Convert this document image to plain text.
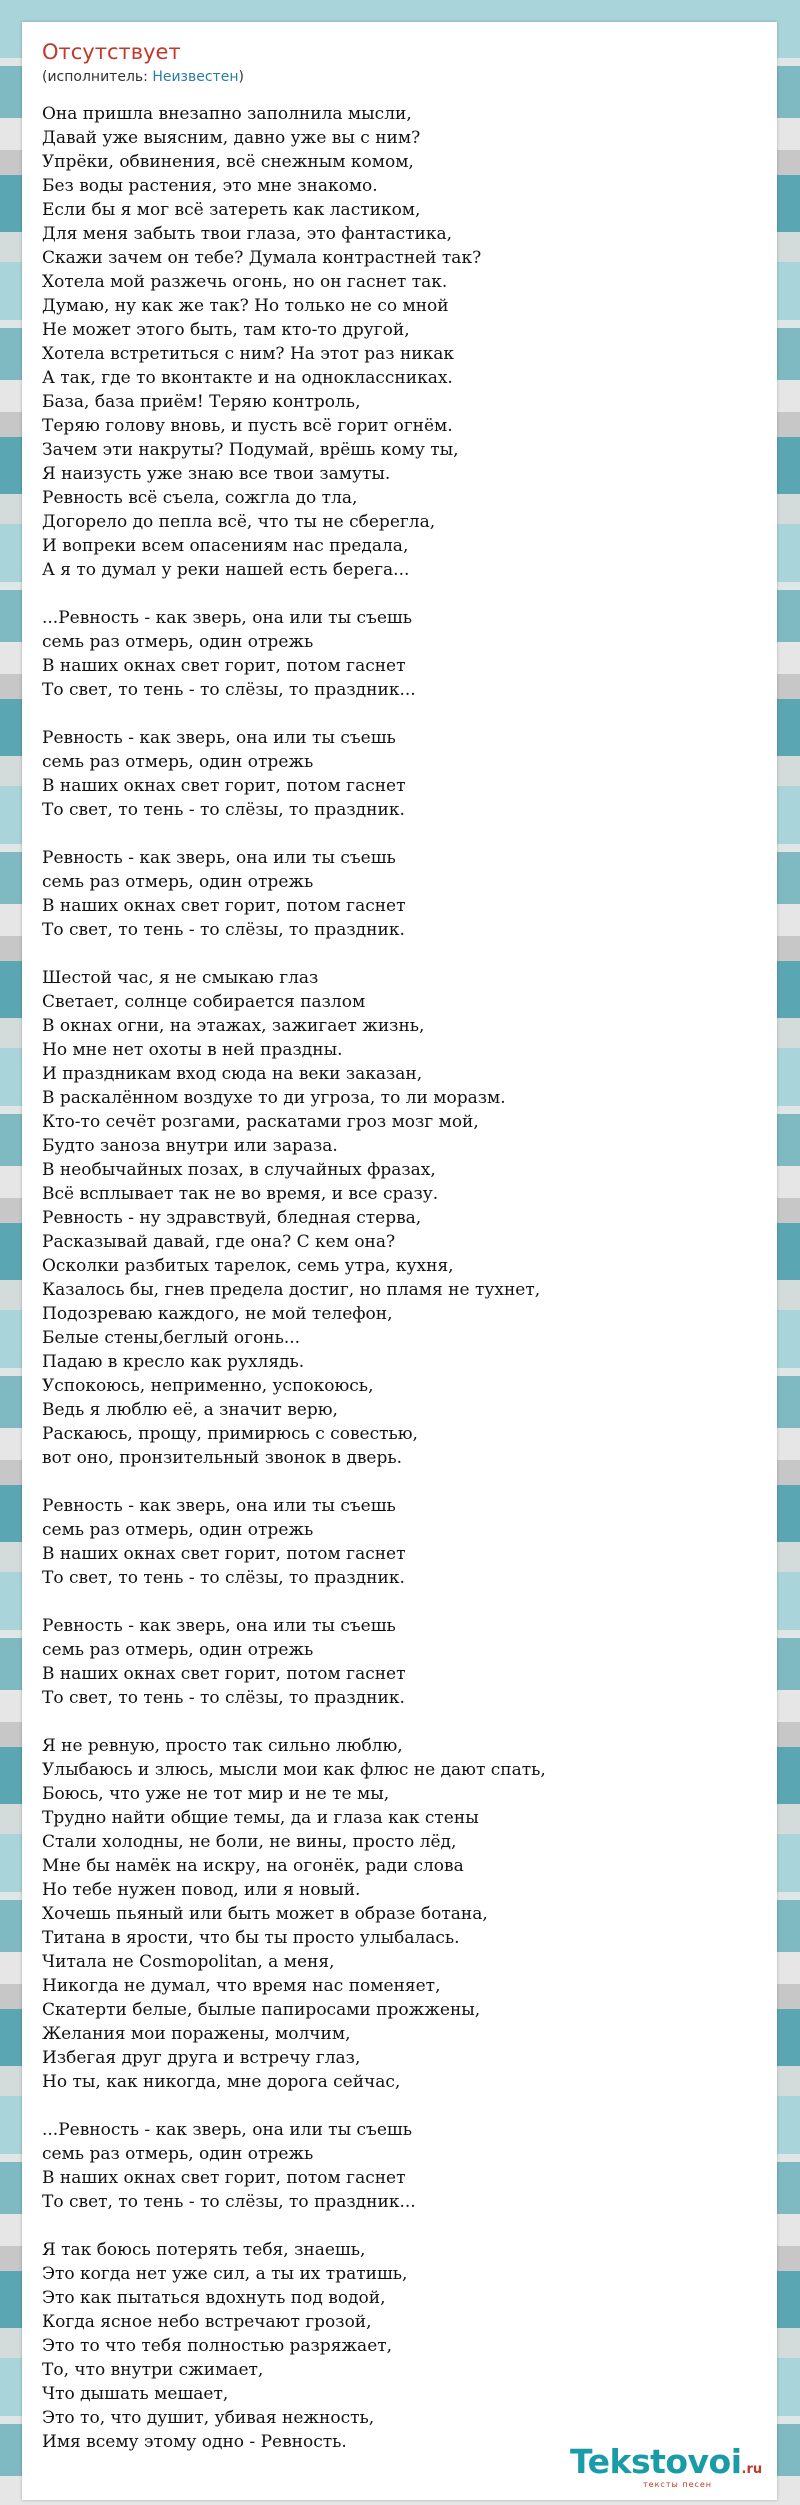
Отсутствует
(исполнитель: Неизвестен)
Она пришла внезапно заполнила мысли,
Давай уже выясним, давно уже вы с ним?
Упрёки, обвинения, всё снежным комом,
Без воды растения, это мне знакомо.
Если бы я мог всё затереть как ластиком,
Для меня забыть твои глаза, это фантастика,
Скажи зачем он тебе? Думала контрастней так?
Хотела мой разжечь огонь, но он гаснет так.
Думаю, ну как же так? Но только не со мной
Не может этого быть, там кто-то другой,
Хотела встретиться с ним? На этот раз никак
А так, где то вконтакте и на одноклассниках.
База, база приём! Теряю контроль,
Теряю голову вновь, и пусть всё горит огнём.
Зачем эти накруты? Подумай, врёшь кому ты,
Я наизусть уже знаю все твои замуты.
Ревность всё съела, сожгла до тла,
Догорело до пепла всё, что ты не сберегла,
И вопреки всем опасениям нас предала,
А я то думал у реки нашей есть берега...

...Ревность - как зверь, она или ты съешь
семь раз отмерь, один отрежь
В наших окнах свет горит, потом гаснет
То свет, то тень - то слёзы, то праздник...

Ревность - как зверь, она или ты съешь
семь раз отмерь, один отрежь
В наших окнах свет горит, потом гаснет
То свет, то тень - то слёзы, то праздник.

Ревность - как зверь, она или ты съешь
семь раз отмерь, один отрежь
В наших окнах свет горит, потом гаснет
То свет, то тень - то слёзы, то праздник.

Шестой час, я не смыкаю глаз
Светает, солнце собирается пазлом
В окнах огни, на этажах, зажигает жизнь,
Но мне нет охоты в ней праздны.
И праздникам вход сюда на веки заказан,
В раскалённом воздухе то ди угроза, то ли моразм.
Кто-то сечёт розгами, раскатами гроз мозг мой,
Будто заноза внутри или зараза.
В необычайных позах, в случайных фразах,
Всё всплывает так не во время, и все сразу.
Ревность - ну здравствуй, бледная стерва,
Расказывай давай, где она? С кем она?
Осколки разбитых тарелок, семь утра, кухня,
Казалось бы, гнев предела достиг, но пламя не тухнет,
Подозреваю каждого, не мой телефон,
Белые стены,беглый огонь...
Падаю в кресло как рухлядь.
Успокоюсь, неприменно, успокоюсь,
Ведь я люблю её, а значит верю,
Раскаюсь, прощу, примирюсь с совестью,
вот оно, пронзительный звонок в дверь.

Ревность - как зверь, она или ты съешь
семь раз отмерь, один отрежь
В наших окнах свет горит, потом гаснет
То свет, то тень - то слёзы, то праздник.

Ревность - как зверь, она или ты съешь
семь раз отмерь, один отрежь
В наших окнах свет горит, потом гаснет
То свет, то тень - то слёзы, то праздник.

Я не ревную, просто так сильно люблю,
Улыбаюсь и злюсь, мысли мои как флюс не дают спать,
Боюсь, что уже не тот мир и не те мы,
Трудно найти общие темы, да и глаза как стены
Стали холодны, не боли, не вины, просто лёд,
Мне бы намёк на искру, на огонёк, ради слова
Но тебе нужен повод, или я новый.
Хочешь пьяный или быть может в образе ботана,
Титана в ярости, что бы ты просто улыбалась.
Читала не Cosmopolitan, а меня,
Никогда не думал, что время нас поменяет,
Скатерти белые, былые папиросами прожжены,
Желания мои поражены, молчим,
Избегая друг друга и встречу глаз,
Но ты, как никогда, мне дорога сейчас,

...Ревность - как зверь, она или ты съешь
семь раз отмерь, один отрежь
В наших окнах свет горит, потом гаснет
То свет, то тень - то слёзы, то праздник...

Я так боюсь потерять тебя, знаешь,
Это когда нет уже сил, а ты их тратишь,
Это как пытаться вдохнуть под водой,
Когда ясное небо встречают грозой,
Это то что тебя полностью разряжает,
То, что внутри сжимает,
Что дышать мешает,
Это то, что душит, убивая нежность,
Имя всему этому одно - Ревность.	Tekstovoi.ru
тексты песен
